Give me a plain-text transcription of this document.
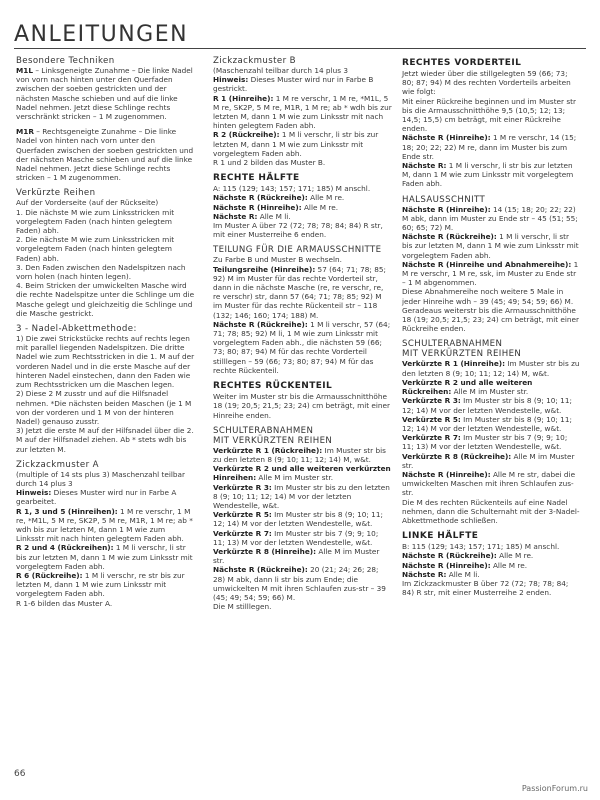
ANLEITUNGEN

Besondere Techniken
M1L – Linksgeneigte Zunahme – Die linke Nadel von vorn nach hinten unter den Querfaden zwischen der soeben gestrickten und der nächsten Masche schieben und auf die linke Nadel nehmen. Jetzt diese Schlinge rechts verschränkt stricken – 1 M zugenommen.

M1R – Rechtsgeneigte Zunahme – Die linke Nadel von hinten nach vorn unter den Querfaden zwischen der soeben gestrickten und der nächsten Masche schieben und auf die linke Nadel nehmen. Jetzt diese Schlinge rechts stricken – 1 M zugenommen.

Verkürzte Reihen
Auf der Vorderseite (auf der Rückseite)
1. Die nächste M wie zum Linksstricken mit vorgelegtem Faden (nach hinten gelegtem Faden) abh.
2. Die nächste M wie zum Linksstricken mit vorgelegtem Faden (nach hinten gelegtem Faden) abh.
3. Den Faden zwischen den Nadelspitzen nach vorn holen (nach hinten legen).
4. Beim Stricken der umwickelten Masche wird die rechte Nadelspitze unter die Schlinge um die Masche gelegt und gleichzeitig die Schlinge und die Masche gestrickt.

3 - Nadel-Abkettmethode:
1) Die zwei Strickstücke rechts auf rechts legen mit parallel liegenden Nadelspitzen. Die dritte Nadel wie zum Rechtsstricken in die 1. M auf der vorderen Nadel und in die erste Masche auf der hinteren Nadel einstechen, dann den Faden wie zum Rechtsstricken um die Maschen legen.
2) Diese 2 M zusstr und auf die Hilfsnadel nehmen. *Die nächsten beiden Maschen (je 1 M von der vorderen und 1 M von der hinteren Nadel) genauso zusstr.
3) Jetzt die erste M auf der Hilfsnadel über die 2. M auf der Hilfsnadel ziehen. Ab * stets wdh bis zur letzten M.

Zickzackmuster A
(multiple of 14 sts plus 3) Maschenzahl teilbar durch 14 plus 3
Hinweis: Dieses Muster wird nur in Farbe A gearbeitet.
R 1, 3 und 5 (Hinreihen): 1 M re verschr, 1 M re, *M1L, 5 M re, SK2P, 5 M re, M1R, 1 M re; ab * wdh bis zur letzten M, dann 1 M wie zum Linksstr mit nach hinten gelegtem Faden abh.
R 2 und 4 (Rückreihen): 1 M li verschr, li str bis zur letzten M, dann 1 M wie zum Linksstr mit vorgelegtem Faden abh.
R 6 (Rückreihe): 1 M li verschr, re str bis zur letzten M, dann 1 M wie zum Linksstr mit vorgelegtem Faden abh.
R 1-6 bilden das Muster A.

Zickzackmuster B
(Maschenzahl teilbar durch 14 plus 3
Hinweis: Dieses Muster wird nur in Farbe B gestrickt.
R 1 (Hinreihe): 1 M re verschr, 1 M re, *M1L, 5 M re, SK2P, 5 M re, M1R, 1 M re; ab * wdh bis zur letzten M, dann 1 M wie zum Linksstr mit nach hinten gelegtem Faden abh.
R 2 (Rückreihe): 1 M li verschr, li str bis zur letzten M, dann 1 M wie zum Linksstr mit vorgelegtem Faden abh.
R 1 und 2 bilden das Muster B.

RECHTE HÄLFTE
A: 115 (129; 143; 157; 171; 185) M anschl.
Nächste R (Rückreihe): Alle M re.
Nächste R (Hinreihe): Alle M re.
Nächste R: Alle M li.
Im Muster A über 72 (72; 78; 78; 84; 84) R str, mit einer Musterreihe 6 enden.

TEILUNG FÜR DIE ARMAUSSCHNITTE
Zu Farbe B und Muster B wechseln.
Teilungsreihe (Hinreihe): 57 (64; 71; 78; 85; 92) M im Muster für das rechte Vorderteil str, dann in die nächste Masche (re, re verschr, re, re verschr) str, dann 57 (64; 71; 78; 85; 92) M im Muster für das rechte Rückenteil str – 118 (132; 146; 160; 174; 188) M.
Nächste R (Rückreihe): 1 M li verschr, 57 (64; 71; 78; 85; 92) M li, 1 M wie zum Linksstr mit vorgelegtem Faden abh., die nächsten 59 (66; 73; 80; 87; 94) M für das rechte Vorderteil stilllegen – 59 (66; 73; 80; 87; 94) M für das rechte Rückenteil.

RECHTES RÜCKENTEIL
Weiter im Muster str bis die Armausschnitthöhe 18 (19; 20,5; 21,5; 23; 24) cm beträgt, mit einer Hinreihe enden.

SCHULTERABNAHMEN
MIT VERKÜRZTEN REIHEN
Verkürzte R 1 (Rückreihe): Im Muster str bis zu den letzten 8 (9; 10; 11; 12; 14) M, w&t.
Verkürzte R 2 und alle weiteren verkürzten Hinreihen: Alle M im Muster str.
Verkürzte R 3: Im Muster str bis zu den letzten 8 (9; 10; 11; 12; 14) M vor der letzten Wendestelle, w&t.
Verkürzte R 5: Im Muster str bis 8 (9; 10; 11; 12; 14) M vor der letzten Wendestelle, w&t.
Verkürzte R 7: Im Muster str bis 7 (9; 9; 10; 11; 13) M vor der letzten Wendestelle, w&t.
Verkürzte R 8 (Hinreihe): Alle M im Muster str.
Nächste R (Rückreihe): 20 (21; 24; 26; 28; 28) M abk, dann li str bis zum Ende; die umwickelten M mit ihren Schlaufen zus-str – 39 (45; 49; 54; 59; 66) M.
Die M stilllegen.

RECHTES VORDERTEIL
Jetzt wieder über die stillgelegten 59 (66; 73; 80; 87; 94) M des rechten Vorderteils arbeiten wie folgt:
Mit einer Rückreihe beginnen und im Muster str bis die Armausschnitthöhe 9,5 (10,5; 12; 13; 14,5; 15,5) cm beträgt, mit einer Rückreihe enden.
Nächste R (Hinreihe): 1 M re verschr, 14 (15; 18; 20; 22; 22) M re, dann im Muster bis zum Ende str.
Nächste R: 1 M li verschr, li str bis zur letzten M, dann 1 M wie zum Linksstr mit vorgelegtem Faden abh.

HALSAUSSCHNITT
Nächste R (Hinreihe): 14 (15; 18; 20; 22; 22) M abk, dann im Muster zu Ende str – 45 (51; 55; 60; 65; 72) M.
Nächste R (Rückreihe): 1 M li verschr, li str bis zur letzten M, dann 1 M wie zum Linksstr mit vorgelegtem Faden abh.
Nächste R (Hinreihe und Abnahmereihe): 1 M re verschr, 1 M re, ssk, im Muster zu Ende str – 1 M abgenommen.
Diese Abnahmereihe noch weitere 5 Male in jeder Hinreihe wdh – 39 (45; 49; 54; 59; 66) M.
Geradeaus weiterstr bis die Armausschnitthöhe 18 (19; 20,5; 21,5; 23; 24) cm beträgt, mit einer Rückreihe enden.

SCHULTERABNAHMEN
MIT VERKÜRZTEN REIHEN
Verkürzte R 1 (Hinreihe): Im Muster str bis zu den letzten 8 (9; 10; 11; 12; 14) M, w&t.
Verkürzte R 2 und alle weiteren Rückreihen: Alle M im Muster str.
Verkürzte R 3: Im Muster str bis 8 (9; 10; 11; 12; 14) M vor der letzten Wendestelle, w&t.
Verkürzte R 5: Im Muster str bis 8 (9; 10; 11; 12; 14) M vor der letzten Wendestelle, w&t.
Verkürzte R 7: Im Muster str bis 7 (9; 9; 10; 11; 13) M vor der letzten Wendestelle, w&t.
Verkürzte R 8 (Rückreihe): Alle M im Muster str.
Nächste R (Hinreihe): Alle M re str, dabei die umwickelten Maschen mit ihren Schlaufen zus-str.
Die M des rechten Rückenteils auf eine Nadel nehmen, dann die Schulternaht mit der 3-Nadel-Abkettmethode schließen.

LINKE HÄLFTE
B: 115 (129; 143; 157; 171; 185) M anschl.
Nächste R (Rückreihe): Alle M re.
Nächste R (Hinreihe): Alle M re.
Nächste R: Alle M li.
Im Zickzackmuster B über 72 (72; 78; 78; 84; 84) R str, mit einer Musterreihe 2 enden.

66
PassionForum.ru
